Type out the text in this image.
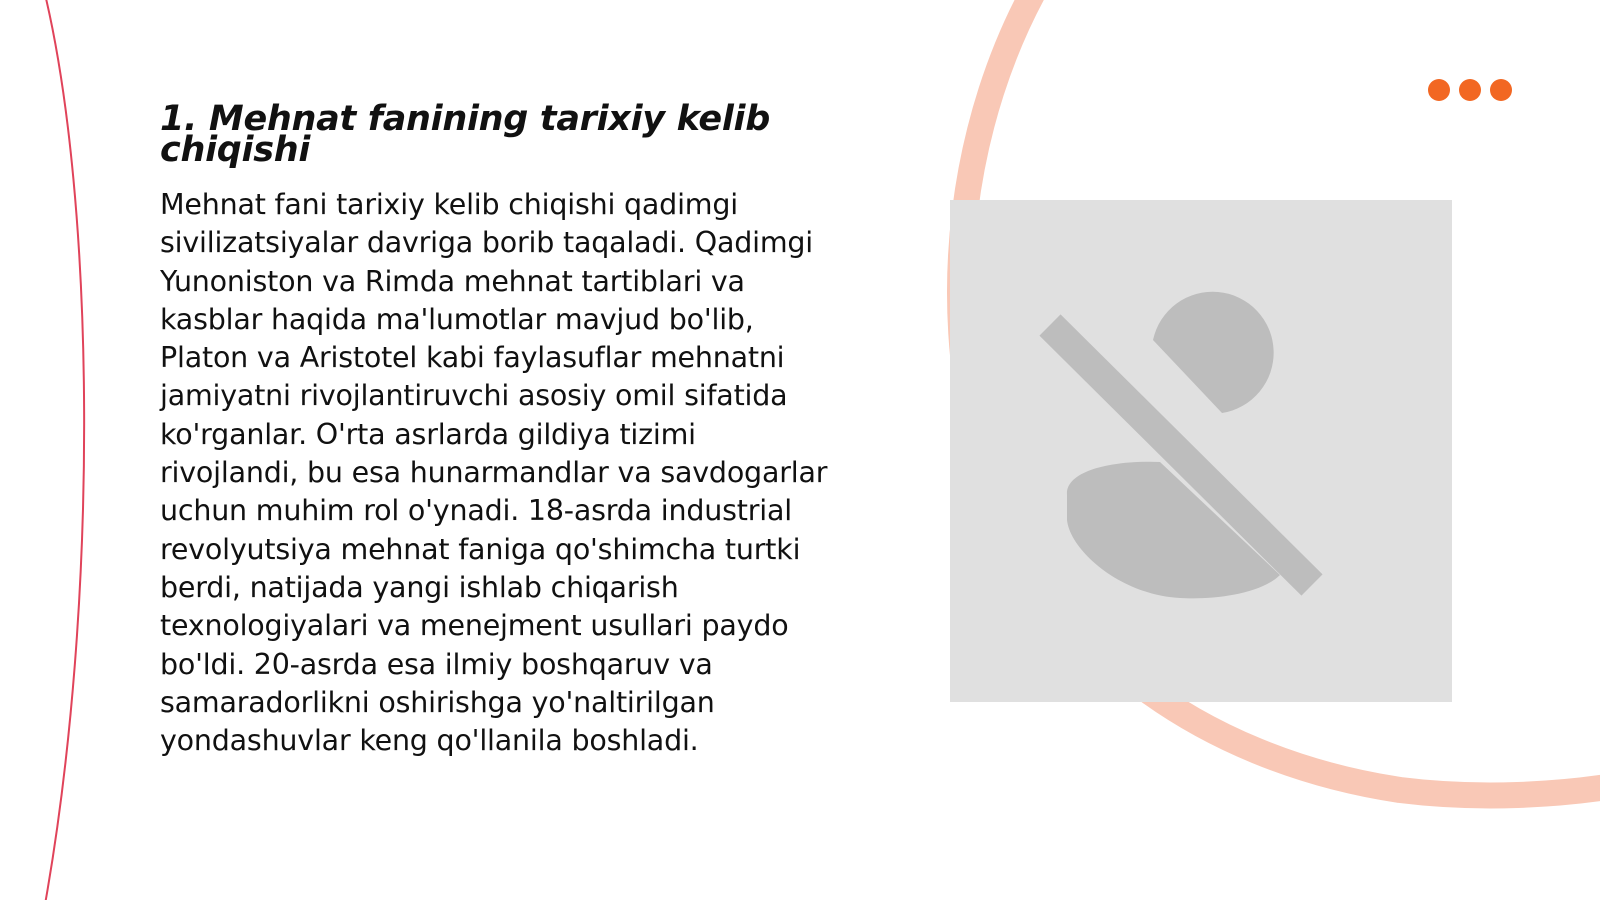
1. Mehnat fanining tarixiy kelib chiqishi

Mehnat fani tarixiy kelib chiqishi qadimgi sivilizatsiyalar davriga borib taqaladi. Qadimgi Yunoniston va Rimda mehnat tartiblari va kasblar haqida ma'lumotlar mavjud bo'lib, Platon va Aristotel kabi faylasuflar mehnatni jamiyatni rivojlantiruvchi asosiy omil sifatida ko'rganlar. O'rta asrlarda gildiya tizimi rivojlandi, bu esa hunarmandlar va savdogarlar uchun muhim rol o'ynadi. 18-asrda industrial revolyutsiya mehnat faniga qo'shimcha turtki berdi, natijada yangi ishlab chiqarish texnologiyalari va menejment usullari paydo bo'ldi. 20-asrda esa ilmiy boshqaruv va samaradorlikni oshirishga yo'naltirilgan yondashuvlar keng qo'llanila boshladi.
